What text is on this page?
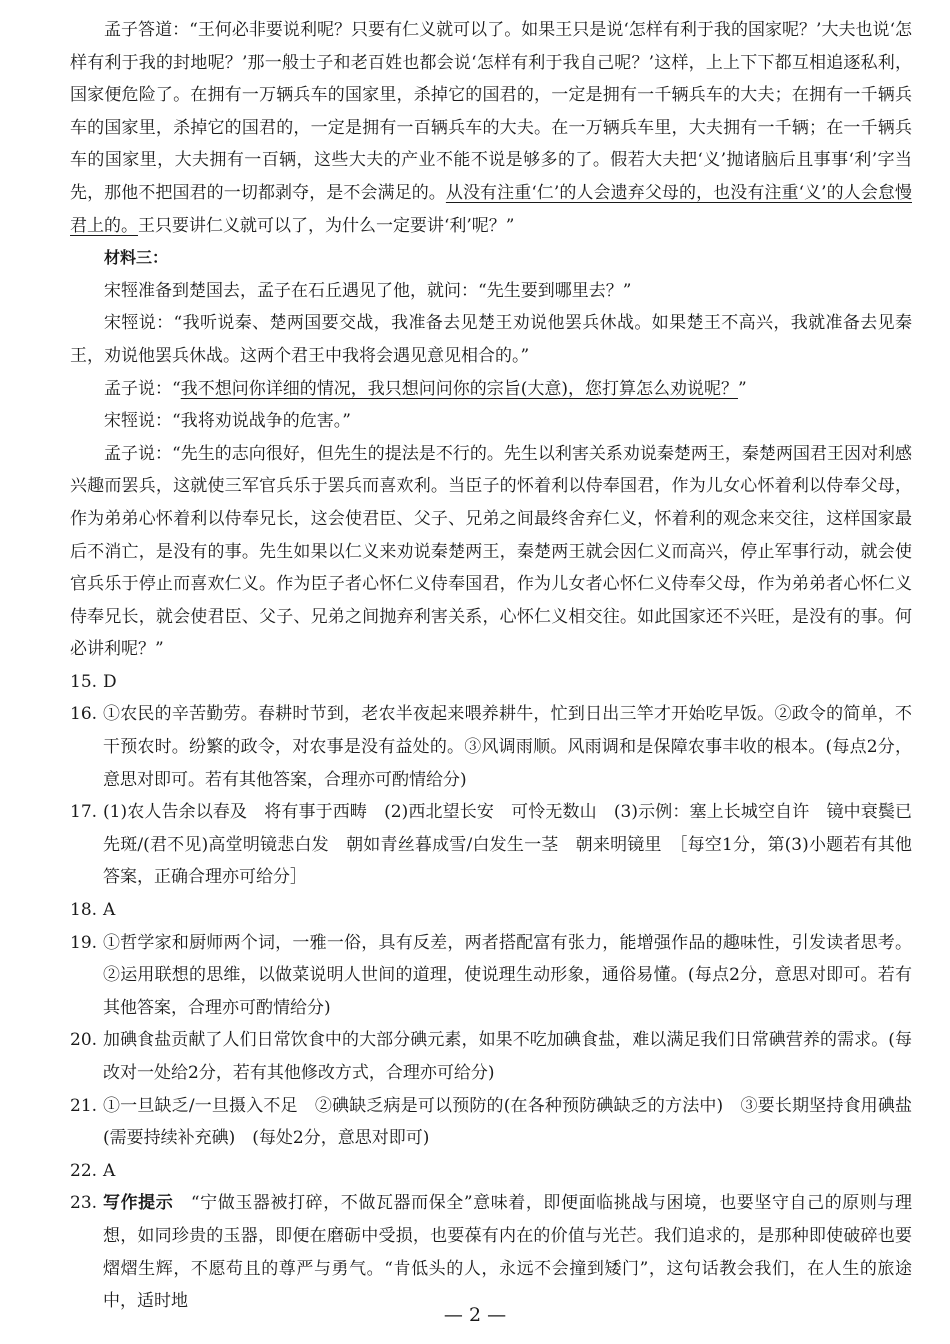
孟子答道：“王何必非要说利呢？只要有仁义就可以了。如果王只是说‘怎样有利于我的国家呢？’大夫也说‘怎样有利于我的封地呢？’那一般士子和老百姓也都会说‘怎样有利于我自己呢？’这样，上上下下都互相追逐私利，国家便危险了。在拥有一万辆兵车的国家里，杀掉它的国君的，一定是拥有一千辆兵车的大夫；在拥有一千辆兵车的国家里，杀掉它的国君的，一定是拥有一百辆兵车的大夫。在一万辆兵车里，大夫拥有一千辆；在一千辆兵车的国家里，大夫拥有一百辆，这些大夫的产业不能不说是够多的了。假若大夫把‘义’抛诸脑后且事事‘利’字当先，那他不把国君的一切都剥夺，是不会满足的。从没有注重‘仁’的人会遗弃父母的，也没有注重‘义’的人会怠慢君上的。王只要讲仁义就可以了，为什么一定要讲‘利’呢？”

材料三：

宋牼准备到楚国去，孟子在石丘遇见了他，就问：“先生要到哪里去？”

宋牼说：“我听说秦、楚两国要交战，我准备去见楚王劝说他罢兵休战。如果楚王不高兴，我就准备去见秦王，劝说他罢兵休战。这两个君王中我将会遇见意见相合的。”

孟子说：“我不想问你详细的情况，我只想问问你的宗旨(大意)，您打算怎么劝说呢？”

宋牼说：“我将劝说战争的危害。”

孟子说：“先生的志向很好，但先生的提法是不行的。先生以利害关系劝说秦楚两王，秦楚两国君王因对利感兴趣而罢兵，这就使三军官兵乐于罢兵而喜欢利。当臣子的怀着利以侍奉国君，作为儿女心怀着利以侍奉父母，作为弟弟心怀着利以侍奉兄长，这会使君臣、父子、兄弟之间最终舍弃仁义，怀着利的观念来交往，这样国家最后不消亡，是没有的事。先生如果以仁义来劝说秦楚两王，秦楚两王就会因仁义而高兴，停止军事行动，就会使官兵乐于停止而喜欢仁义。作为臣子者心怀仁义侍奉国君，作为儿女者心怀仁义侍奉父母，作为弟弟者心怀仁义侍奉兄长，就会使君臣、父子、兄弟之间抛弃利害关系，心怀仁义相交往。如此国家还不兴旺，是没有的事。何必讲利呢？”

15. D

16. ①农民的辛苦勤劳。春耕时节到，老农半夜起来喂养耕牛，忙到日出三竿才开始吃早饭。②政令的简单，不干预农时。纷繁的政令，对农事是没有益处的。③风调雨顺。风雨调和是保障农事丰收的根本。(每点2分，意思对即可。若有其他答案，合理亦可酌情给分)

17. (1)农人告余以春及　将有事于西畴　(2)西北望长安　可怜无数山　(3)示例：塞上长城空自许　镜中衰鬓已先斑/(君不见)高堂明镜悲白发　朝如青丝暮成雪/白发生一茎　朝来明镜里　［每空1分，第(3)小题若有其他答案，正确合理亦可给分］

18. A

19. ①哲学家和厨师两个词，一雅一俗，具有反差，两者搭配富有张力，能增强作品的趣味性，引发读者思考。②运用联想的思维，以做菜说明人世间的道理，使说理生动形象，通俗易懂。(每点2分，意思对即可。若有其他答案，合理亦可酌情给分)

20. 加碘食盐贡献了人们日常饮食中的大部分碘元素，如果不吃加碘食盐，难以满足我们日常碘营养的需求。(每改对一处给2分，若有其他修改方式，合理亦可给分)

21. ①一旦缺乏/一旦摄入不足　②碘缺乏病是可以预防的(在各种预防碘缺乏的方法中)　③要长期坚持食用碘盐(需要持续补充碘)　(每处2分，意思对即可)

22. A

23. 写作提示　“宁做玉器被打碎，不做瓦器而保全”意味着，即便面临挑战与困境，也要坚守自己的原则与理想，如同珍贵的玉器，即便在磨砺中受损，也要葆有内在的价值与光芒。我们追求的，是那种即使破碎也要熠熠生辉，不愿苟且的尊严与勇气。“肯低头的人，永远不会撞到矮门”，这句话教会我们，在人生的旅途中，适时地

— 2 —
